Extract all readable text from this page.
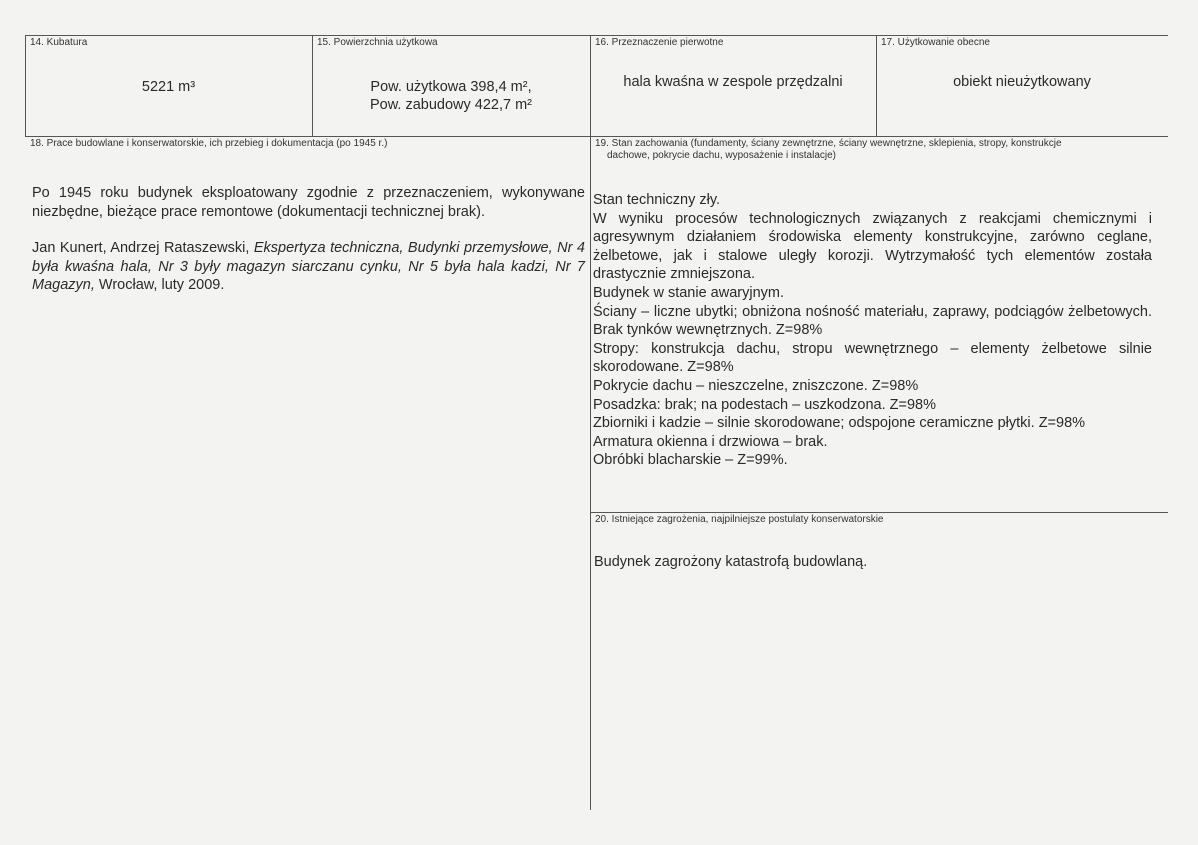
14. Kubatura
5221 m³
15. Powierzchnia użytkowa
Pow. użytkowa 398,4 m²,
Pow. zabudowy 422,7 m²
16. Przeznaczenie pierwotne
hala kwaśna w zespole przędzalni
17. Użytkowanie obecne
obiekt nieużytkowany
18. Prace budowlane i konserwatorskie, ich przebieg i dokumentacja (po 1945 r.)

Po 1945 roku budynek eksploatowany zgodnie z przeznaczeniem, wykonywane niezbędne, bieżące prace remontowe (dokumentacji technicznej brak).

Jan Kunert, Andrzej Rataszewski, Ekspertyza techniczna, Budynki przemysłowe, Nr 4 była kwaśna hala, Nr 3 były magazyn siarczanu cynku, Nr 5 była hala kadzi, Nr 7 Magazyn, Wrocław, luty 2009.

19. Stan zachowania (fundamenty, ściany zewnętrzne, ściany wewnętrzne, sklepienia, stropy, konstrukcje
dachowe, pokrycie dachu, wyposażenie i instalacje)

Stan techniczny zły.

W wyniku procesów technologicznych związanych z reakcjami chemicznymi i agresywnym działaniem środowiska elementy konstrukcyjne, zarówno ceglane, żelbetowe, jak i stalowe uległy korozji. Wytrzymałość tych elementów została drastycznie zmniejszona.

Budynek w stanie awaryjnym.

Ściany – liczne ubytki; obniżona nośność materiału, zaprawy, podciągów żelbetowych. Brak tynków wewnętrznych. Z=98%

Stropy: konstrukcja dachu, stropu wewnętrznego – elementy żelbetowe silnie skorodowane. Z=98%

Pokrycie dachu – nieszczelne, zniszczone. Z=98%

Posadzka: brak; na podestach – uszkodzona. Z=98%

Zbiorniki i kadzie – silnie skorodowane; odspojone ceramiczne płytki. Z=98%

Armatura okienna i drzwiowa – brak.

Obróbki blacharskie – Z=99%.

20. Istniejące zagrożenia, najpilniejsze postulaty konserwatorskie
Budynek zagrożony katastrofą budowlaną.
